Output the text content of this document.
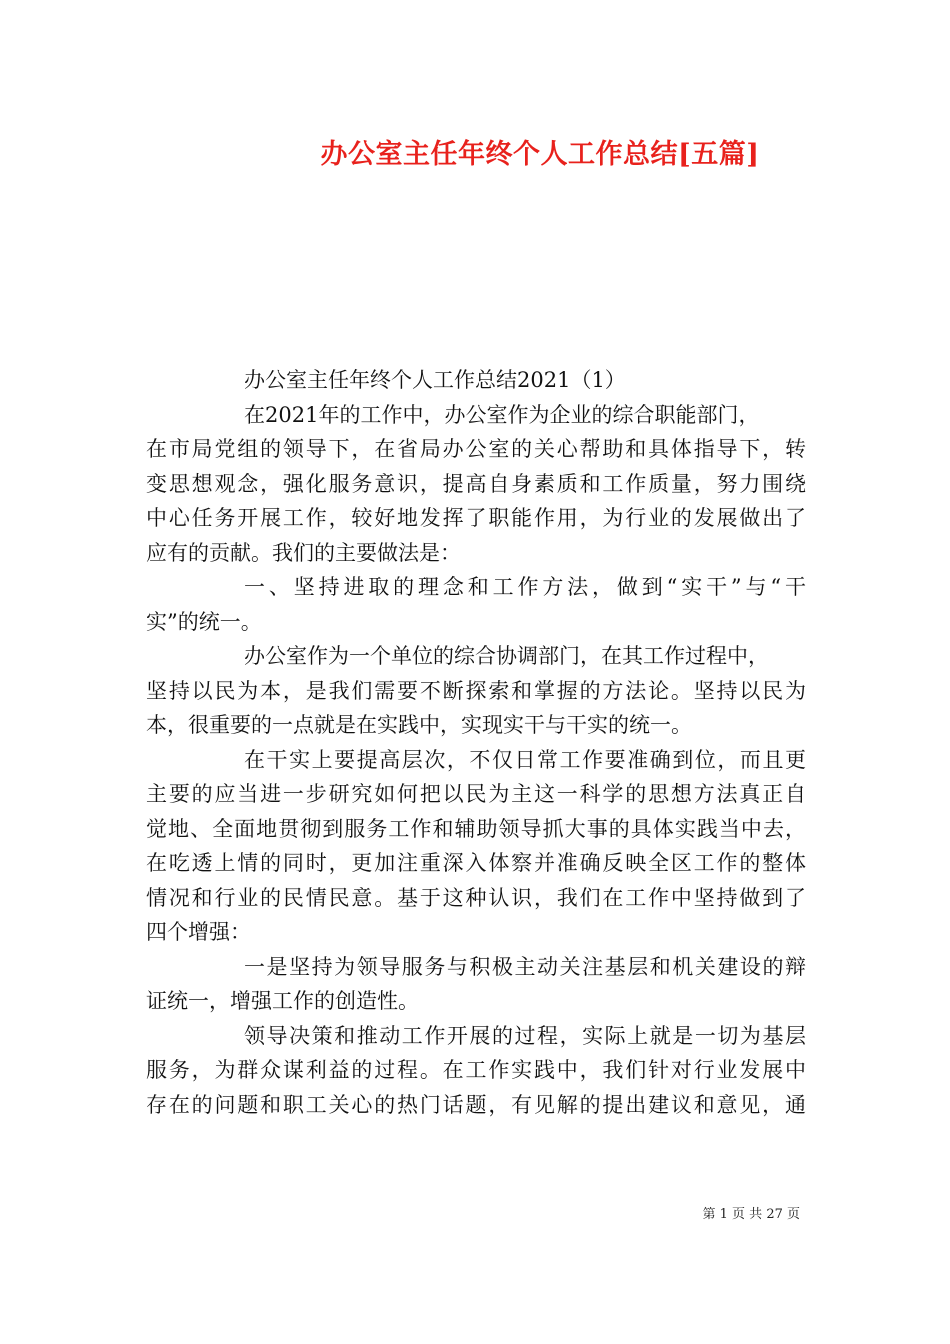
办公室主任年终个人工作总结[五篇]
办公室主任年终个人工作总结2021（1）
在2021年的工作中，办公室作为企业的综合职能部门，
在市局党组的领导下，在省局办公室的关心帮助和具体指导下，转
变思想观念，强化服务意识，提高自身素质和工作质量，努力围绕
中心任务开展工作，较好地发挥了职能作用，为行业的发展做出了
应有的贡献。我们的主要做法是：
一、坚持进取的理念和工作方法，做到“实干”与“干
实”的统一。
办公室作为一个单位的综合协调部门，在其工作过程中，
坚持以民为本，是我们需要不断探索和掌握的方法论。坚持以民为
本，很重要的一点就是在实践中，实现实干与干实的统一。
在干实上要提高层次，不仅日常工作要准确到位，而且更
主要的应当进一步研究如何把以民为主这一科学的思想方法真正自
觉地、全面地贯彻到服务工作和辅助领导抓大事的具体实践当中去，
在吃透上情的同时，更加注重深入体察并准确反映全区工作的整体
情况和行业的民情民意。基于这种认识，我们在工作中坚持做到了
四个增强：
一是坚持为领导服务与积极主动关注基层和机关建设的辩
证统一，增强工作的创造性。
领导决策和推动工作开展的过程，实际上就是一切为基层
服务，为群众谋利益的过程。在工作实践中，我们针对行业发展中
存在的问题和职工关心的热门话题，有见解的提出建议和意见，通
第 1 页 共 27 页
